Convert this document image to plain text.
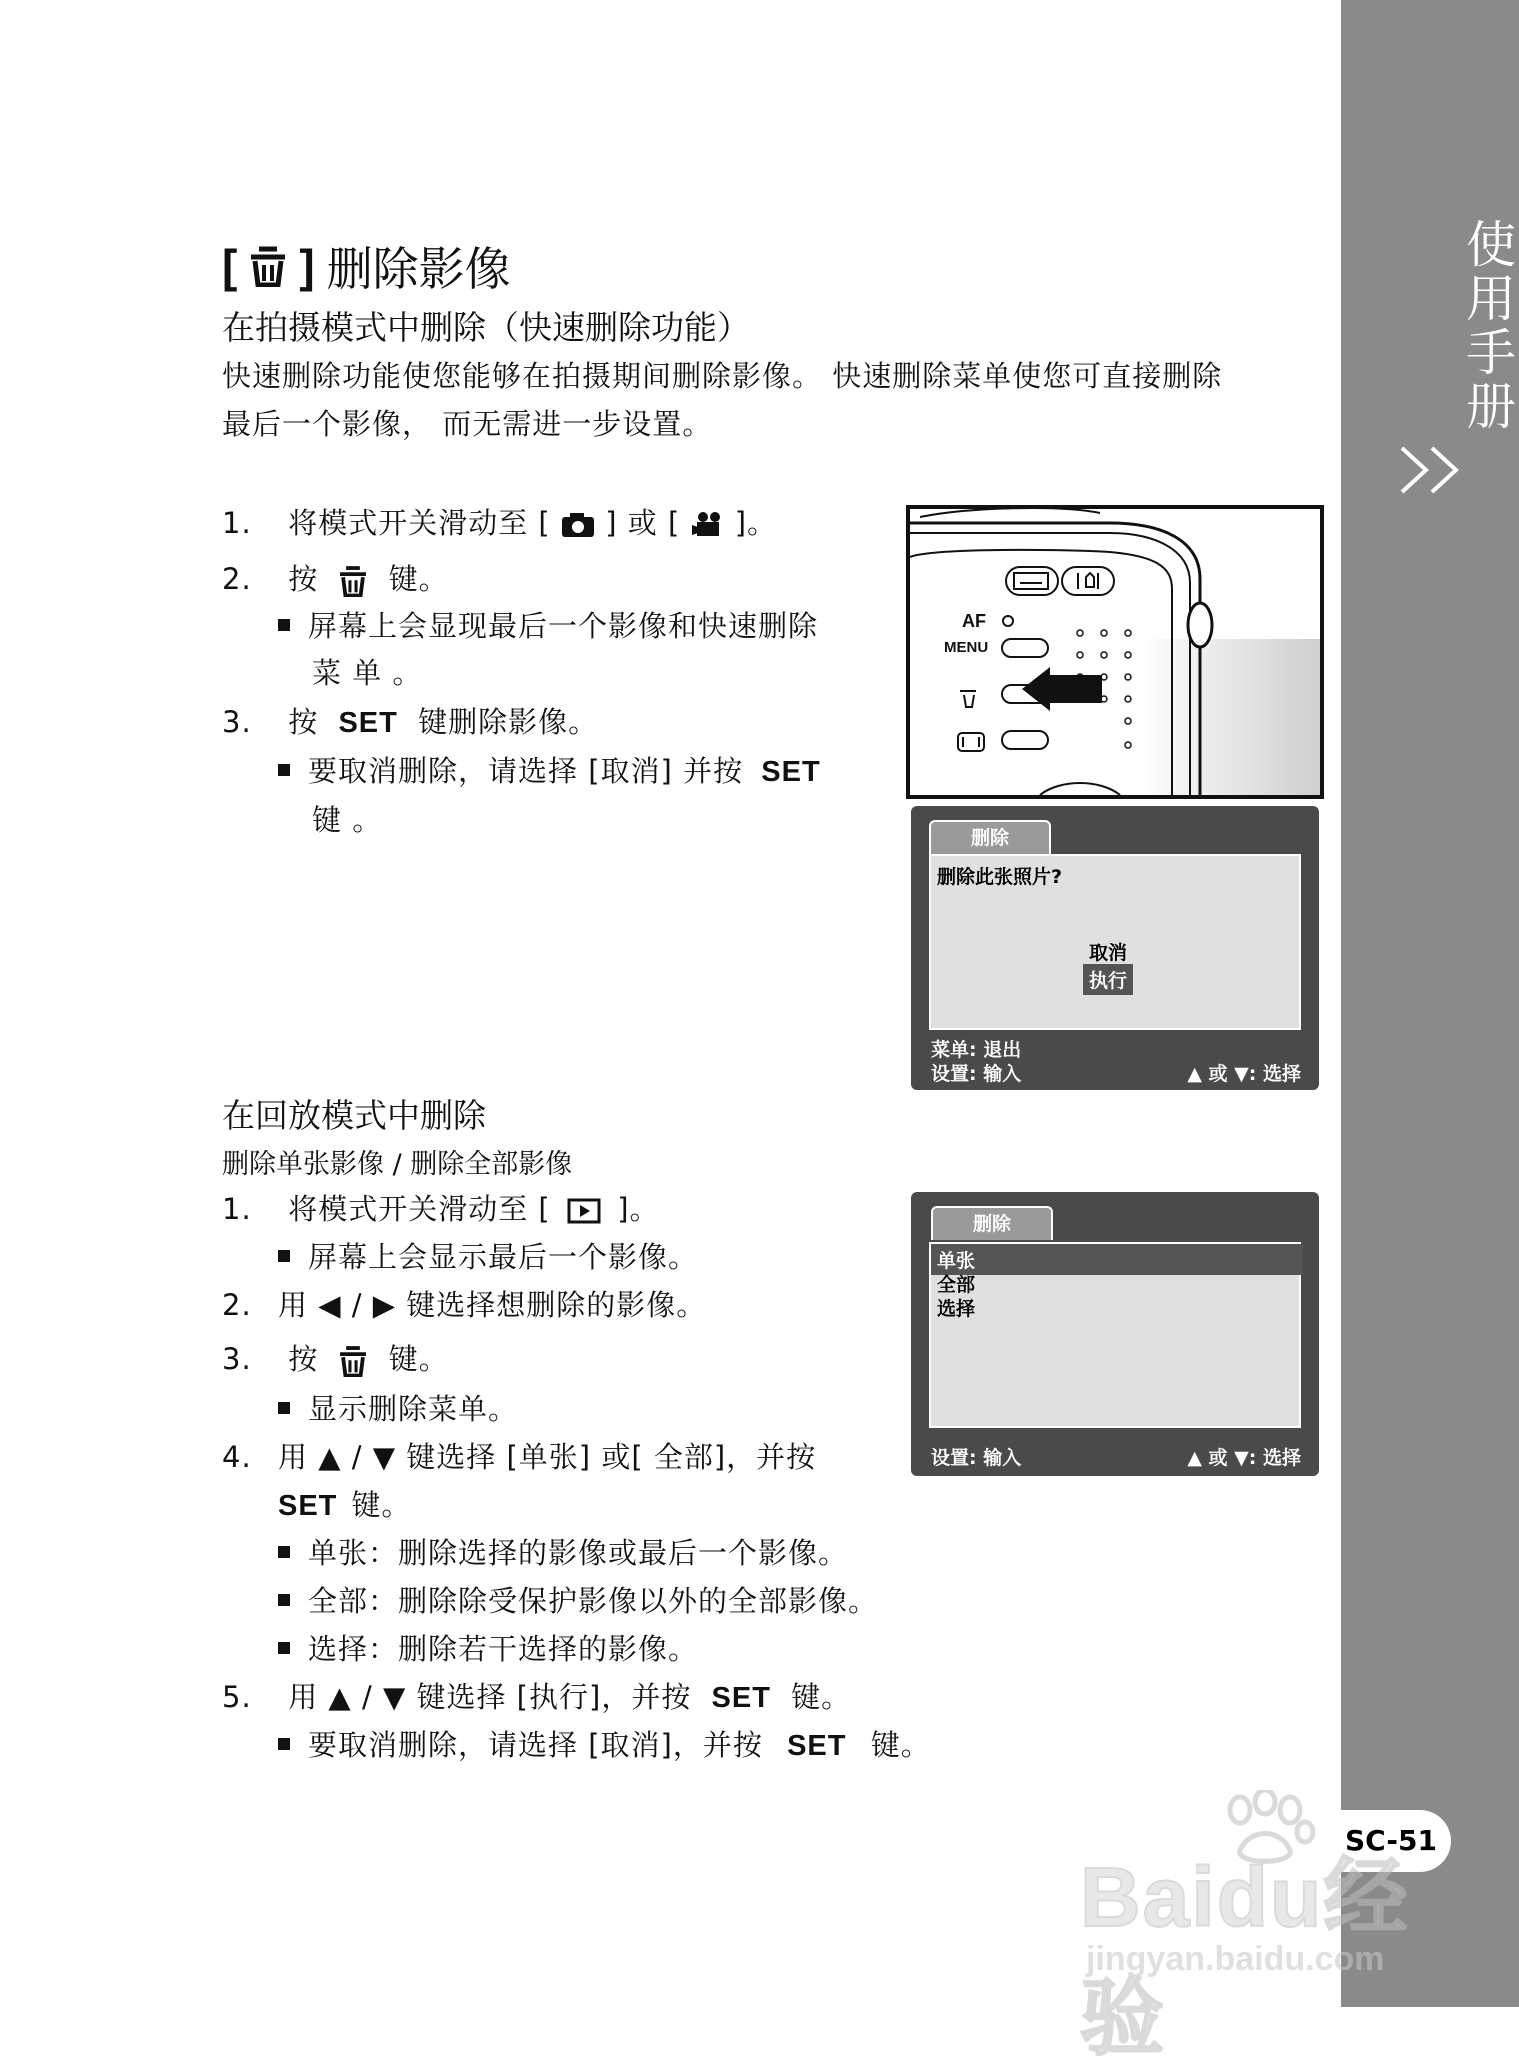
使用手册
SC-51
[ ] 删除影像
在拍摄模式中删除（快速删除功能）
快速删除功能使您能够在拍摄期间删除影像。 快速删除菜单使您可直接删除
最后一个影像， 而无需进一步设置。
1. 将模式开关滑动至 [ ] 或 [ ]。
2. 按 键。
屏幕上会显现最后一个影像和快速删除
菜 单 。
3. 按 SET 键删除影像。
要取消删除，请选择 [取消] 并按 SET
键 。
AF
MENU
删除
删除此张照片?
取消
执行
菜单: 退出
设置: 输入	▲ 或 ▼: 选择
在回放模式中删除
删除单张影像 / 删除全部影像
1. 将模式开关滑动至 [ ]。
屏幕上会显示最后一个影像。
2. 用 ◀ / ▶ 键选择想删除的影像。
3. 按 键。
显示删除菜单。
4. 用 ▲ / ▼ 键选择 [单张] 或[ 全部]，并按
SET 键。
单张：删除选择的影像或最后一个影像。
全部：删除除受保护影像以外的全部影像。
选择：删除若干选择的影像。
5. 用 ▲ / ▼ 键选择 [执行]，并按 SET 键。
要取消删除，请选择 [取消]，并按 SET 键。
删除
单张
全部
选择
设置: 输入	▲ 或 ▼: 选择
Baidu经验
jingyan.baidu.com
